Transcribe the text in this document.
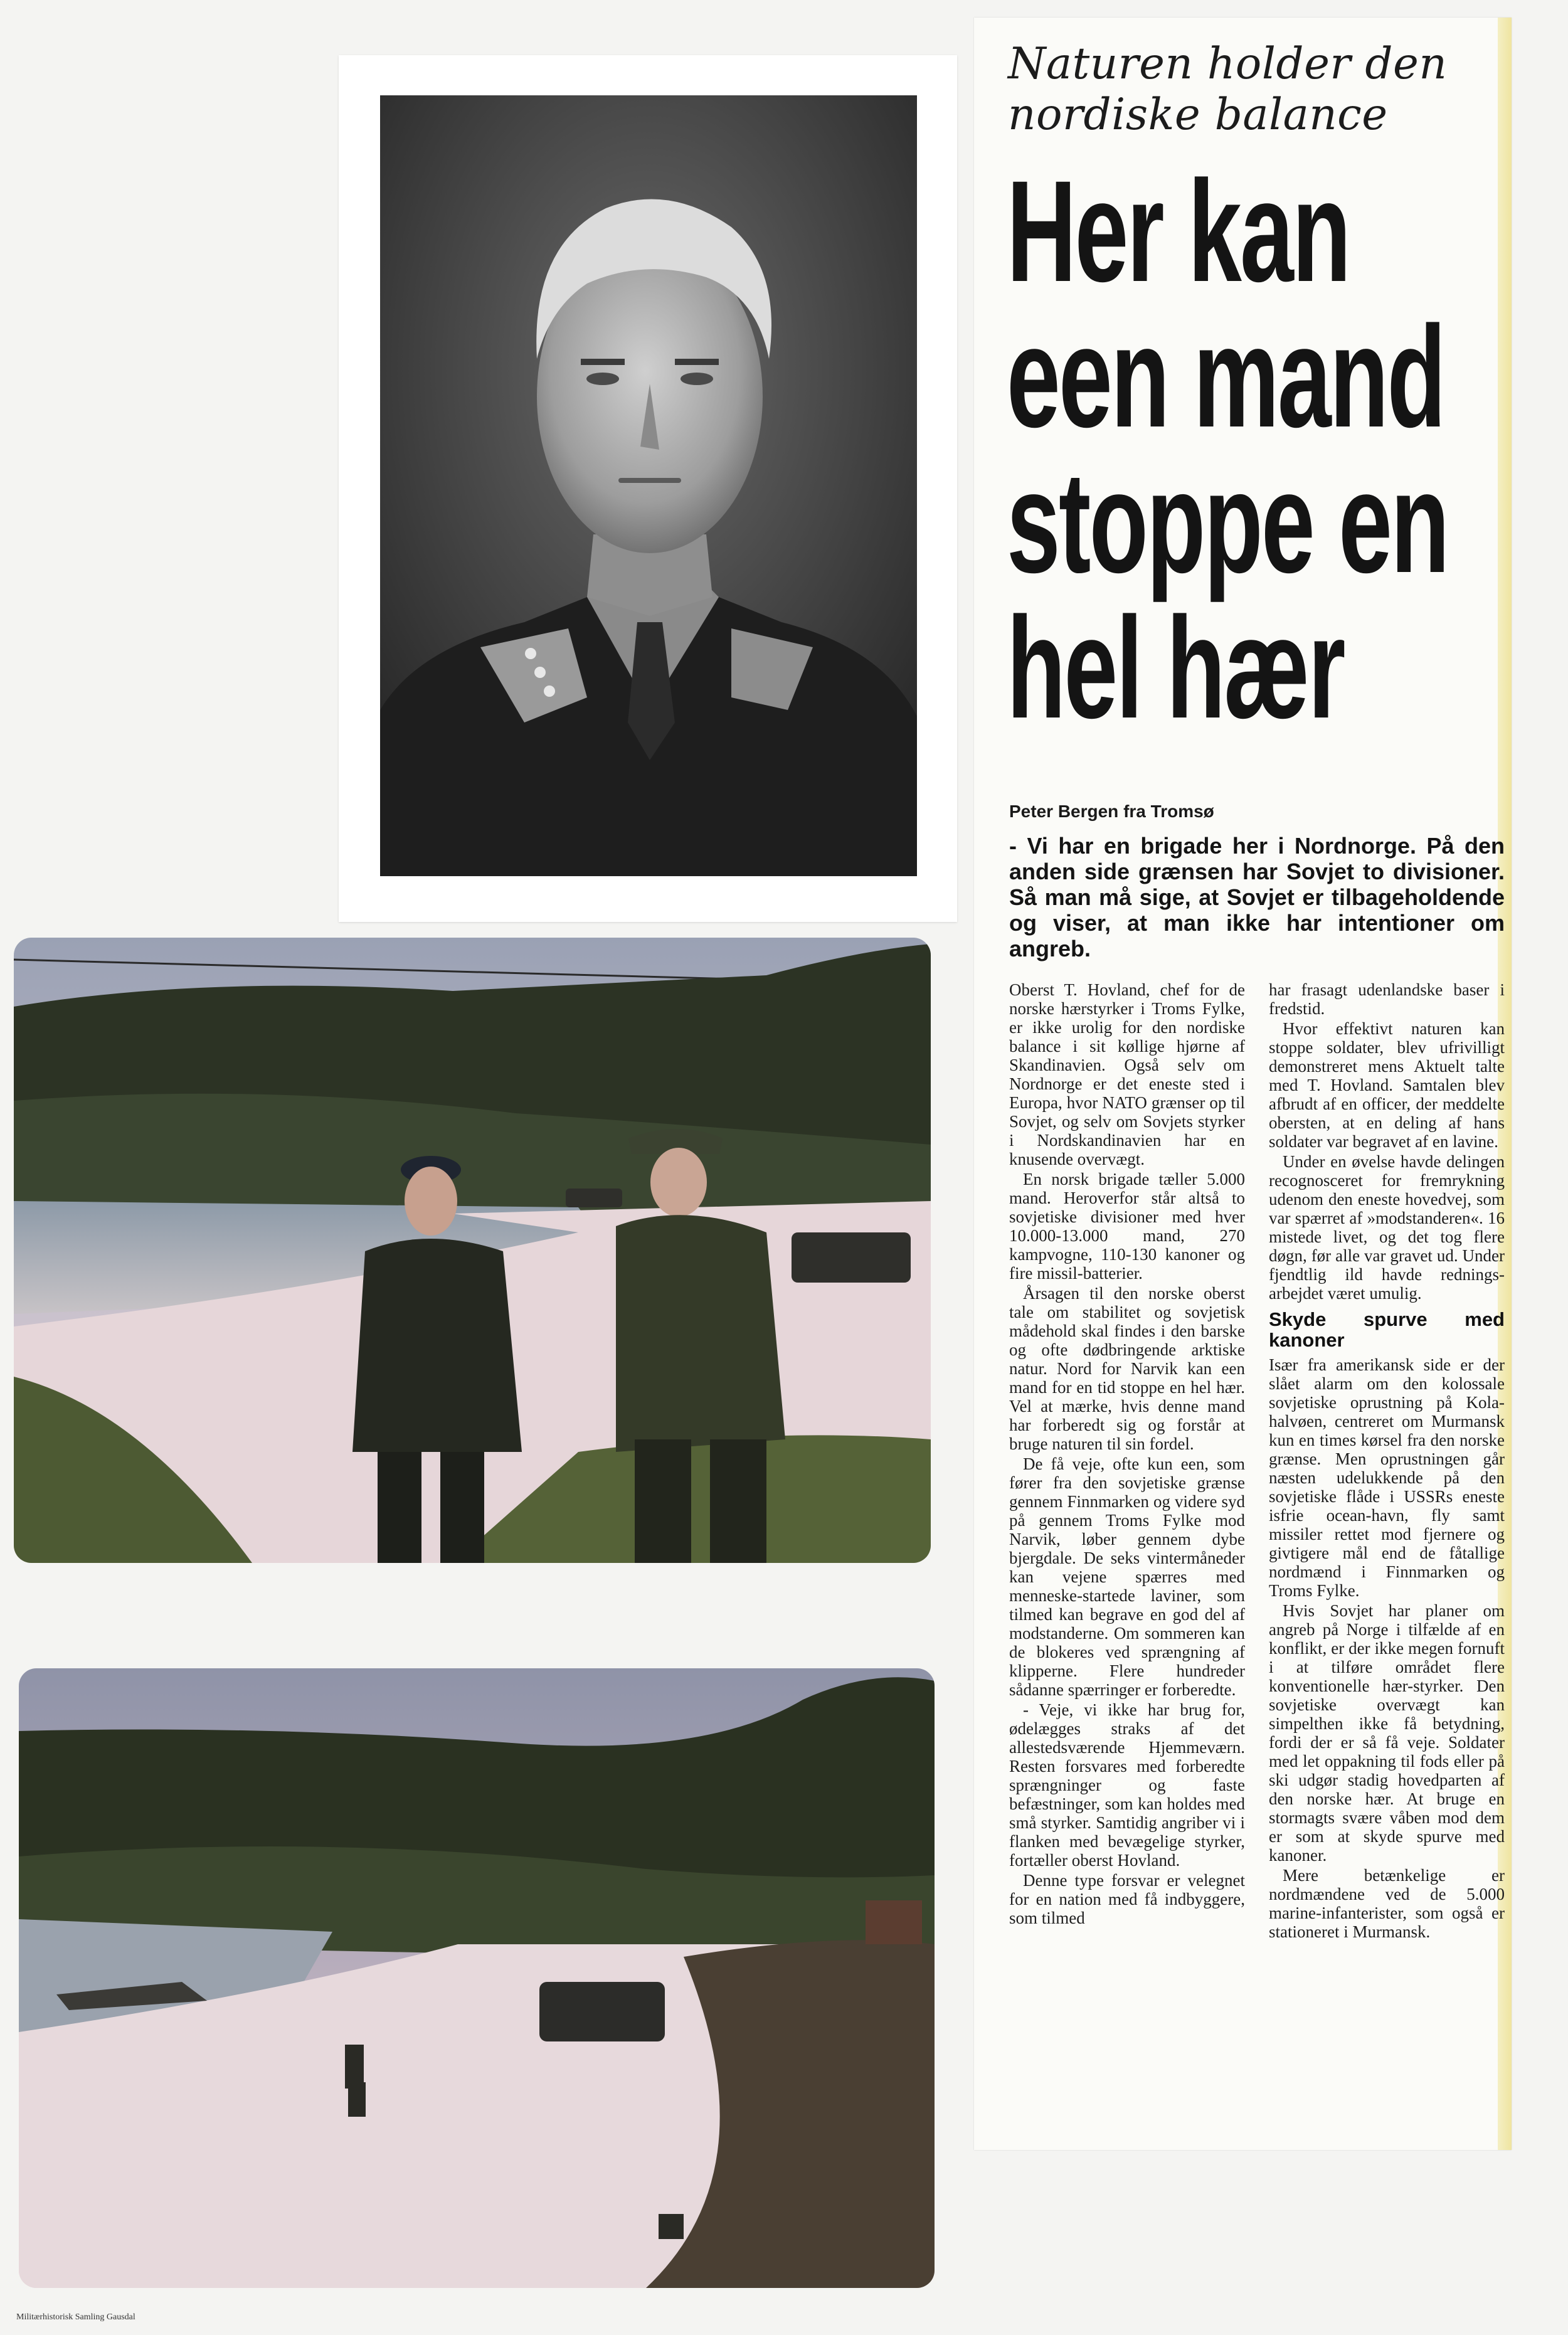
Naturen holder den nordiske balance
Her kan
een mand
stoppe en
hel hær
Peter Bergen fra Tromsø
- Vi har en brigade her i Nordnorge. På den anden side grænsen har Sovjet to divisioner. Så man må sige, at Sovjet er tilbageholdende og viser, at man ikke har intentioner om angreb.

Oberst T. Hovland, chef for de norske hærstyrker i Troms Fylke, er ikke urolig for den nordiske balance i sit køllige hjørne af Skandinavien. Også selv om Nordnorge er det eneste sted i Europa, hvor NATO grænser op til Sovjet, og selv om Sovjets styrker i Nordskandinavien har en knusende overvægt.

En norsk brigade tæller 5.000 mand. Heroverfor står altså to sovjetiske divisioner med hver 10.000-13.000 mand, 270 kampvogne, 110-130 kanoner og fire missil-batterier.

Årsagen til den norske oberst tale om stabilitet og sovjetisk mådehold skal findes i den barske og ofte dødbringende arktiske natur. Nord for Narvik kan een mand for en tid stoppe en hel hær. Vel at mærke, hvis denne mand har forberedt sig og forstår at bruge naturen til sin fordel.

De få veje, ofte kun een, som fører fra den sovjetiske grænse gennem Finnmarken og videre syd på gennem Troms Fylke mod Narvik, løber gennem dybe bjergdale. De seks vintermåneder kan vejene spærres med menneske-startede laviner, som tilmed kan begrave en god del af modstanderne. Om sommeren kan de blokeres ved sprængning af klipperne. Flere hundreder sådanne spærringer er forberedte.

- Veje, vi ikke har brug for, ødelægges straks af det allestedsværende Hjemmeværn. Resten forsvares med forberedte sprængninger og faste befæstninger, som kan holdes med små styrker. Samtidig angriber vi i flanken med bevægelige styrker, fortæller oberst Hovland.

Denne type forsvar er velegnet for en nation med få indbyggere, som tilmed

har frasagt udenlandske baser i fredstid.

Hvor effektivt naturen kan stoppe soldater, blev ufrivilligt demonstreret mens Aktuelt talte med T. Hovland. Samtalen blev afbrudt af en officer, der meddelte obersten, at en deling af hans soldater var begravet af en lavine.

Under en øvelse havde delingen recognosceret for fremrykning udenom den eneste hovedvej, som var spærret af »modstanderen«. 16 mistede livet, og det tog flere døgn, før alle var gravet ud. Under fjendtlig ild havde rednings-arbejdet været umulig.

Skyde spurve med kanoner

Især fra amerikansk side er der slået alarm om den kolossale sovjetiske oprustning på Kola-halvøen, centreret om Murmansk kun en times kørsel fra den norske grænse. Men oprustningen går næsten udelukkende på den sovjetiske flåde i USSRs eneste isfrie ocean-havn, fly samt missiler rettet mod fjernere og givtigere mål end de fåtallige nordmænd i Finnmarken og Troms Fylke.

Hvis Sovjet har planer om angreb på Norge i tilfælde af en konflikt, er der ikke megen fornuft i at tilføre området flere konventionelle hær-styrker. Den sovjetiske overvægt kan simpelthen ikke få betydning, fordi der er så få veje. Soldater med let oppakning til fods eller på ski udgør stadig hovedparten af den norske hær. At bruge en stormagts svære våben mod dem er som at skyde spurve med kanoner.

Mere betænkelige er nordmændene ved de 5.000 marine-infanterister, som også er stationeret i Murmansk.

Militærhistorisk Samling Gausdal
